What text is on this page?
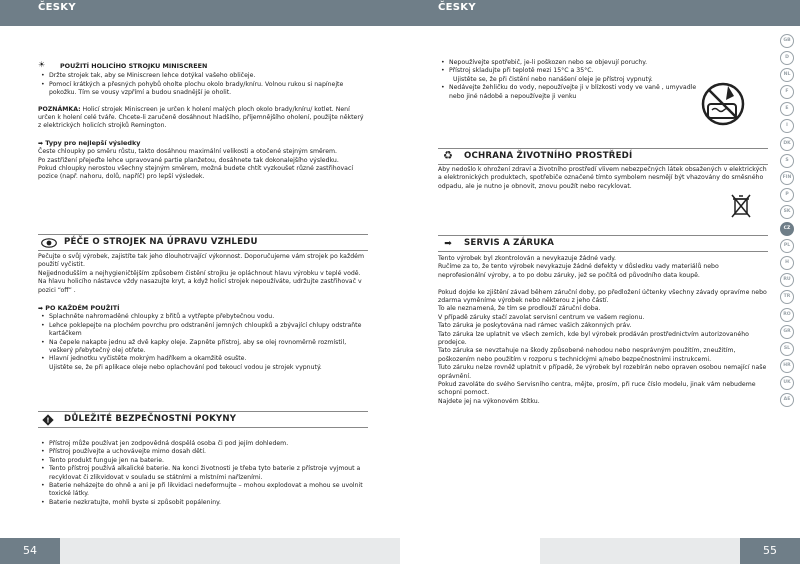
ČESKY

☀ POUŽITÍ HOLICÍHO STROJKU MINISCREEN

• Držte strojek tak, aby se Miniscreen lehce dotýkal vašeho obličeje.
• Pomocí krátkých a přesných pohybů oholte plochu okolo brady/kníru. Volnou rukou si napínejte pokožku. Tím se vousy vzpřímí a budou snadnější je oholit.

POZNÁMKA: Holicí strojek Miniscreen je určen k holení malých ploch okolo brady/kníru/ kotlet. Není určen k holení celé tváře. Chcete-li zaručeně dosáhnout hladšího, příjemnějšího oholení, použijte některý z elektrických holicích strojků Remington.

➡ Typy pro nejlepší výsledky

Česte chloupky po směru růstu, takto dosáhnou maximální velikosti a otočené stejným směrem.

Po zastřižení přejeďte lehce upravované partie planžetou, dosáhnete tak dokonalejšího výsledku.

Pokud chloupky nerostou všechny stejným směrem, možná budete chtít vyzkoušet různé zastřihovací pozice (např. nahoru, dolů, napříč) pro lepší výsledek.

PÉČE O STROJEK NA ÚPRAVU VZHLEDU

Pečujte o svůj výrobek, zajistíte tak jeho dlouhotrvající výkonnost. Doporučujeme vám strojek po každém použití vyčistit.

Nejjednodušším a nejhygieničtějším způsobem čistění strojku je opláchnout hlavu výrobku v teplé vodě. Na hlavu holicího nástavce vždy nasazujte kryt, a když holicí strojek nepoužíváte, udržujte zastřihovač v pozici “off” .

➡ PO KAŽDÉM POUŽITÍ

• Splachněte nahromaděné chloupky z břitů a vytřepte přebytečnou vodu.
• Lehce poklepejte na plochém povrchu pro odstranění jemných chloupků a zbývající chlupy odstraňte kartáčkem
• Na čepele nakapte jednu až dvě kapky oleje. Zapněte přístroj, aby se olej rovnoměrně rozmístil, veškerý přebytečný olej otřete.
• Hlavní jednotku vyčistěte mokrým hadříkem a okamžitě osušte.

Ujistěte se, že při aplikace oleje nebo oplachování pod tekoucí vodou je strojek vypnutý.

! DŮLEŽITÉ BEZPEČNOSTNÍ POKYNY
• Přístroj může používat jen zodpovědná dospělá osoba či pod jejím dohledem.
• Přístroj používejte a uchovávejte mimo dosah dětí.
• Tento produkt funguje jen na baterie.
• Tento přístroj používá alkalické baterie. Na konci životnosti je třeba tyto baterie z přístroje vyjmout a recyklovat či zlikvidovat v souladu se státními a místními nařízeními.
• Baterie neházejte do ohně a ani je při likvidaci nedeformujte – mohou explodovat a mohou se uvolnit toxické látky.
• Baterie nezkratujte, mohli byste si způsobit popáleniny.
54
ČESKY
• Nepoužívejte spotřebič, je-li poškozen nebo se objevují poruchy.
• Přístroj skladujte při teplotě mezi 15°C a 35°C.

Ujistěte se, že při čistění nebo nanášení oleje je přístroj vypnutý.

• Nedávejte žehličku do vody, nepoužívejte ji v blízkosti vody ve vaně , umyvadle nebo jiné nádobě a nepoužívejte ji venku
♻ OCHRANA ŽIVOTNÍHO PROSTŘEDÍ

Aby nedošlo k ohrožení zdraví a životního prostředí vlivem nebezpečných látek obsažených v elektrických a elektronických produktech, spotřebiče označené tímto symbolem nesmějí být vhazovány do směsného odpadu, ale je nutno je obnovit, znovu použít nebo recyklovat.

➡	SERVIS A ZÁRUKA

Tento výrobek byl zkontrolován a nevykazuje žádné vady.

Ručíme za to, že tento výrobek nevykazuje žádné defekty v důsledku vady materiálů nebo neprofesionální výroby, a to po dobu záruky, jež se počítá od původního data koupě.

Pokud dojde ke zjištění závad během záruční doby, po předložení účtenky všechny závady opravíme nebo zdarma vyměníme výrobek nebo některou z jeho částí.

To ale neznamená, že tím se prodlouží záruční doba.

V případě záruky stačí zavolat servisní centrum ve vašem regionu.

Tato záruka je poskytována nad rámec vašich zákonných práv.

Tato záruka lze uplatnit ve všech zemích, kde byl výrobek prodáván prostřednictvím autorizovaného prodejce.

Tato záruka se nevztahuje na škody způsobené nehodou nebo nesprávným použitím, zneužitím, poškozením nebo použitím v rozporu s technickými a/nebo bezpečnostními instrukcemi.

Tuto záruku nelze rovněž uplatnit v případě, že výrobek byl rozebírán nebo opraven osobou nemající naše oprávnění.

Pokud zavoláte do svého Servisního centra, mějte, prosím, při ruce číslo modelu, jinak vám nebudeme schopni pomoct.

Najdete jej na výkonovém štítku.

GB
D
NL
F
E
I
DK
S
FIN
P
SK
CZ
PL
H
RU
TR
RO
GR
SL
HR
UK
AE
55
